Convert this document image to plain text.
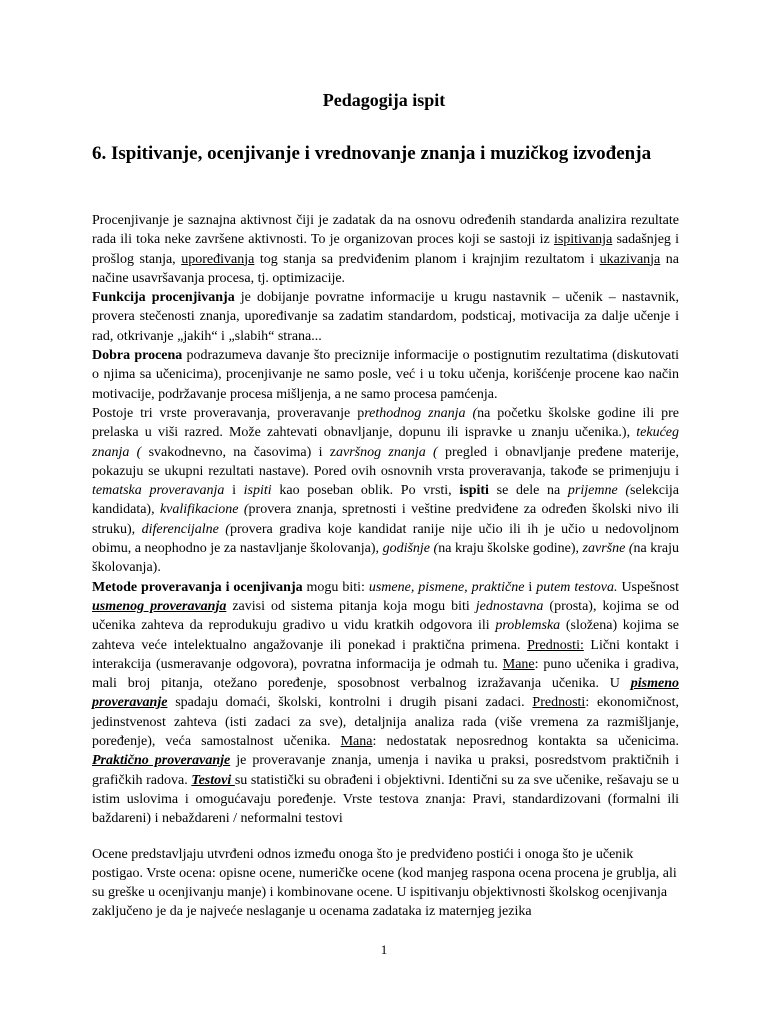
Pedagogija ispit
6. Ispitivanje, ocenjivanje i vrednovanje znanja i muzičkog izvođenja

Procenjivanje je saznajna aktivnost čiji je zadatak da na osnovu određenih standarda analizira rezultate rada ili toka neke završene aktivnosti. To je organizovan proces koji se sastoji iz ispitivanja sadašnjeg i prošlog stanja, upoređivanja tog stanja sa predviđenim planom i krajnjim rezultatom i ukazivanja na načine usavršavanja procesa, tj. optimizacije.

Funkcija procenjivanja je dobijanje povratne informacije u krugu nastavnik – učenik – nastavnik, provera stečenosti znanja, upoređivanje sa zadatim standardom, podsticaj, motivacija za dalje učenje i rad, otkrivanje „jakih“ i „slabih“ strana...

Dobra procena podrazumeva davanje što preciznije informacije o postignutim rezultatima (diskutovati o njima sa učenicima), procenjivanje ne samo posle, već i u toku učenja, korišćenje procene kao način motivacije, podržavanje procesa mišljenja, a ne samo procesa pamćenja.

Postoje tri vrste proveravanja, proveravanje prethodnog znanja (na početku školske godine ili pre prelaska u viši razred. Može zahtevati obnavljanje, dopunu ili ispravke u znanju učenika.), tekućeg znanja ( svakodnevno, na časovima) i završnog znanja ( pregled i obnavljanje pređene materije, pokazuju se ukupni rezultati nastave). Pored ovih osnovnih vrsta proveravanja, takođe se primenjuju i tematska proveravanja i ispiti kao poseban oblik. Po vrsti, ispiti se dele na prijemne (selekcija kandidata), kvalifikacione (provera znanja, spretnosti i veštine predviđene za određen školski nivo ili struku), diferencijalne (provera gradiva koje kandidat ranije nije učio ili ih je učio u nedovoljnom obimu, a neophodno je za nastavljanje školovanja), godišnje (na kraju školske godine), završne (na kraju školovanja).

Metode proveravanja i ocenjivanja mogu biti: usmene, pismene, praktične i putem testova. Uspešnost usmenog proveravanja zavisi od sistema pitanja koja mogu biti jednostavna (prosta), kojima se od učenika zahteva da reprodukuju gradivo u vidu kratkih odgovora ili problemska (složena) kojima se zahteva veće intelektualno angažovanje ili ponekad i praktična primena. Prednosti: Lični kontakt i interakcija (usmeravanje odgovora), povratna informacija je odmah tu. Mane: puno učenika i gradiva, mali broj pitanja, otežano poređenje, sposobnost verbalnog izražavanja učenika. U pismeno proveravanje spadaju domaći, školski, kontrolni i drugih pisani zadaci. Prednosti: ekonomičnost, jedinstvenost zahteva (isti zadaci za sve), detaljnija analiza rada (više vremena za razmišljanje, poređenje), veća samostalnost učenika. Mana: nedostatak neposrednog kontakta sa učenicima. Praktično proveravanje je proveravanje znanja, umenja i navika u praksi, posredstvom praktičnih i grafičkih radova. Testovi su statistički su obrađeni i objektivni. Identični su za sve učenike, rešavaju se u istim uslovima i omogućavaju poređenje. Vrste testova znanja: Pravi, standardizovani (formalni ili baždareni) i nebaždareni / neformalni testovi

Ocene predstavljaju utvrđeni odnos između onoga što je predviđeno postići i onoga što je učenik postigao. Vrste ocena: opisne ocene, numeričke ocene (kod manjeg raspona ocena procena je grublja, ali su greške u ocenjivanju manje) i kombinovane ocene. U ispitivanju objektivnosti školskog ocenjivanja zaključeno je da je najveće neslaganje u ocenama zadataka iz maternjeg jezika

1
